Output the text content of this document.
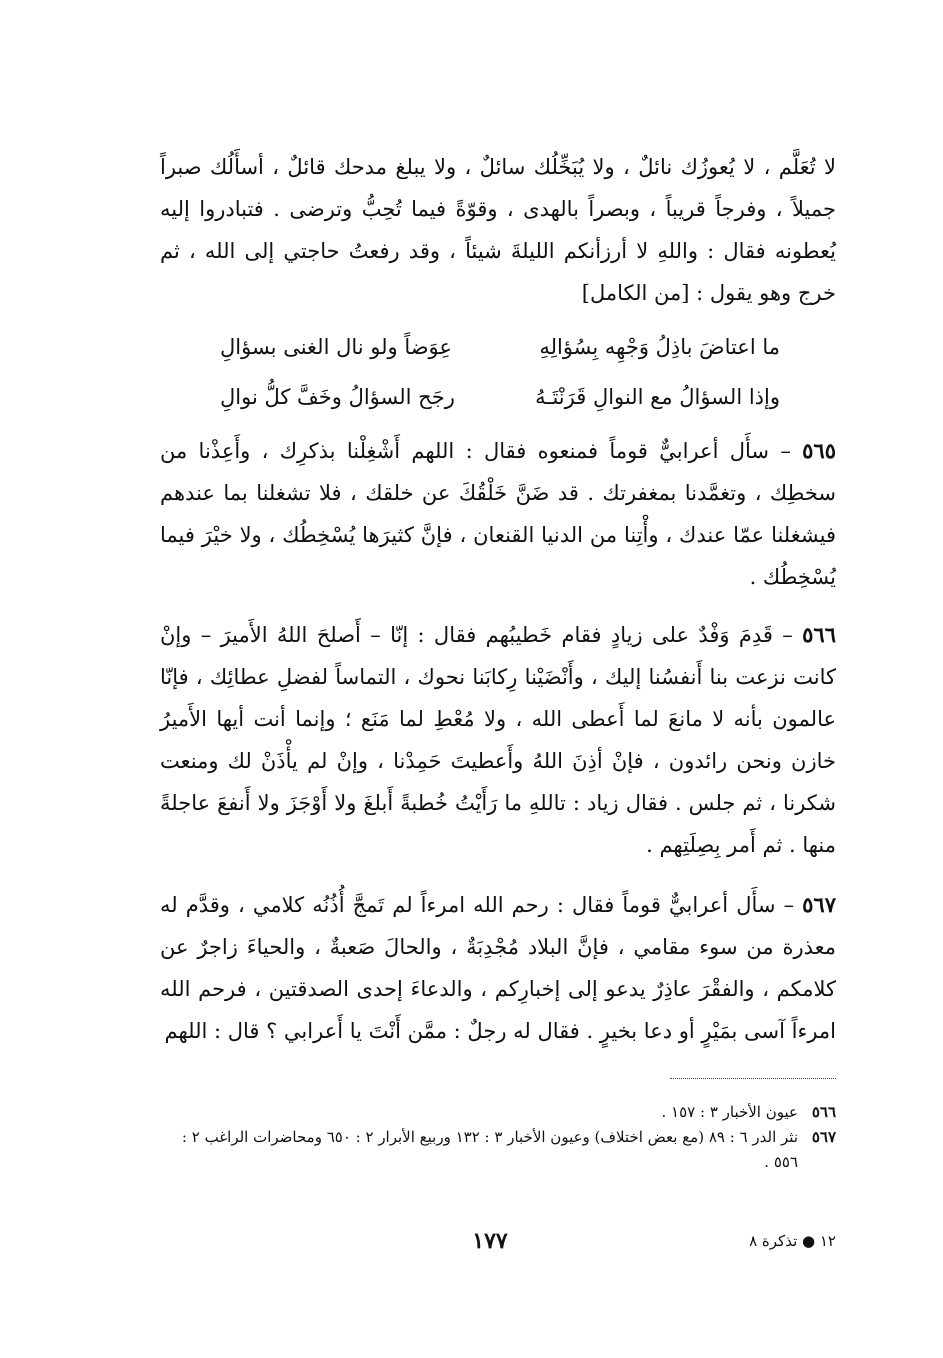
لا تُعَلَّم ، لا يُعوزُك نائلٌ ، ولا يُبَخِّلُك سائلٌ ، ولا يبلغ مدحك قائلٌ ، أسأَلُك صبراً جميلاً ، وفرجاً قريباً ، وبصراً بالهدى ، وقوّةً فيما تُحِبُّ وترضى . فتبادروا إليه يُعطونه فقال : واللهِ لا أرزأنكم الليلةَ شيئاً ، وقد رفعتُ حاجتي إلى الله ، ثم خرج وهو يقول : [من الكامل]

ما اعتاضَ باذِلُ وَجْهِه بِسُؤالِهِ
عِوَضاً ولو نال الغنى بسؤالِ
وإذا السؤالُ مع النوالِ قَرَنْتَـهُ
رجَح السؤالُ وخَفَّ كلُّ نوالِ

٥٦٥ – سأَل أعرابيٌّ قوماً فمنعوه فقال : اللهم أَشْغِلْنا بذكرِك ، وأَعِذْنا من سخطِك ، وتغمَّدنا بمغفرتك . قد ضَنَّ خَلْقُكَ عن خلقك ، فلا تشغلنا بما عندهم فيشغلنا عمّا عندك ، وأْتِنا من الدنيا القنعان ، فإنَّ كثيرَها يُسْخِطُك ، ولا خيْرَ فيما يُسْخِطُك .

٥٦٦ – قَدِمَ وَفْدٌ على زيادٍ فقام خَطيبُهم فقال : إنّا – أَصلحَ اللهُ الأَميرَ – وإنْ كانت نزعت بنا أَنفسُنا إليك ، وأَنْضَيْنا رِكابَنا نحوك ، التماساً لفضلِ عطائِك ، فإنّا عالمون بأنه لا مانعَ لما أَعطى الله ، ولا مُعْطِ لما مَنَع ؛ وإنما أنت أيها الأَميرُ خازن ونحن رائدون ، فإنْ أذِنَ اللهُ وأَعطيتَ حَمِدْنا ، وإنْ لم يأْذَنْ لك ومنعت شكرنا ، ثم جلس . فقال زياد : تاللهِ ما رَأَيْتُ خُطبةً أَبلغَ ولا أَوْجَزَ ولا أَنفعَ عاجلةً منها . ثم أَمر بِصِلَتِهم .

٥٦٧ – سأَل أعرابيٌّ قوماً فقال : رحم الله امرءاً لم تَمجَّ أُذُنُه كلامي ، وقدَّم له معذرة من سوء مقامي ، فإنَّ البلاد مُجْدِبَةٌ ، والحالَ صَعبةٌ ، والحياءَ زاجرٌ عن كلامكم ، والفقْرَ عاذِرٌ يدعو إلى إخبارِكم ، والدعاءَ إحدى الصدقتين ، فرحم الله امرءاً آسى بمَيْرٍ أو دعا بخيرٍ . فقال له رجلٌ : ممَّن أَنْتَ يا أَعرابي ؟ قال : اللهم

٥٦٦
عيون الأخبار ٣ : ١٥٧ .
٥٦٧
نثر الدر ٦ : ٨٩ (مع بعض اختلاف) وعيون الأخبار ٣ : ١٣٢ وربيع الأبرار ٢ : ٦٥٠ ومحاضرات الراغب ٢ : ٥٥٦ .
١٧٧	١٢ ● تذكرة ٨
